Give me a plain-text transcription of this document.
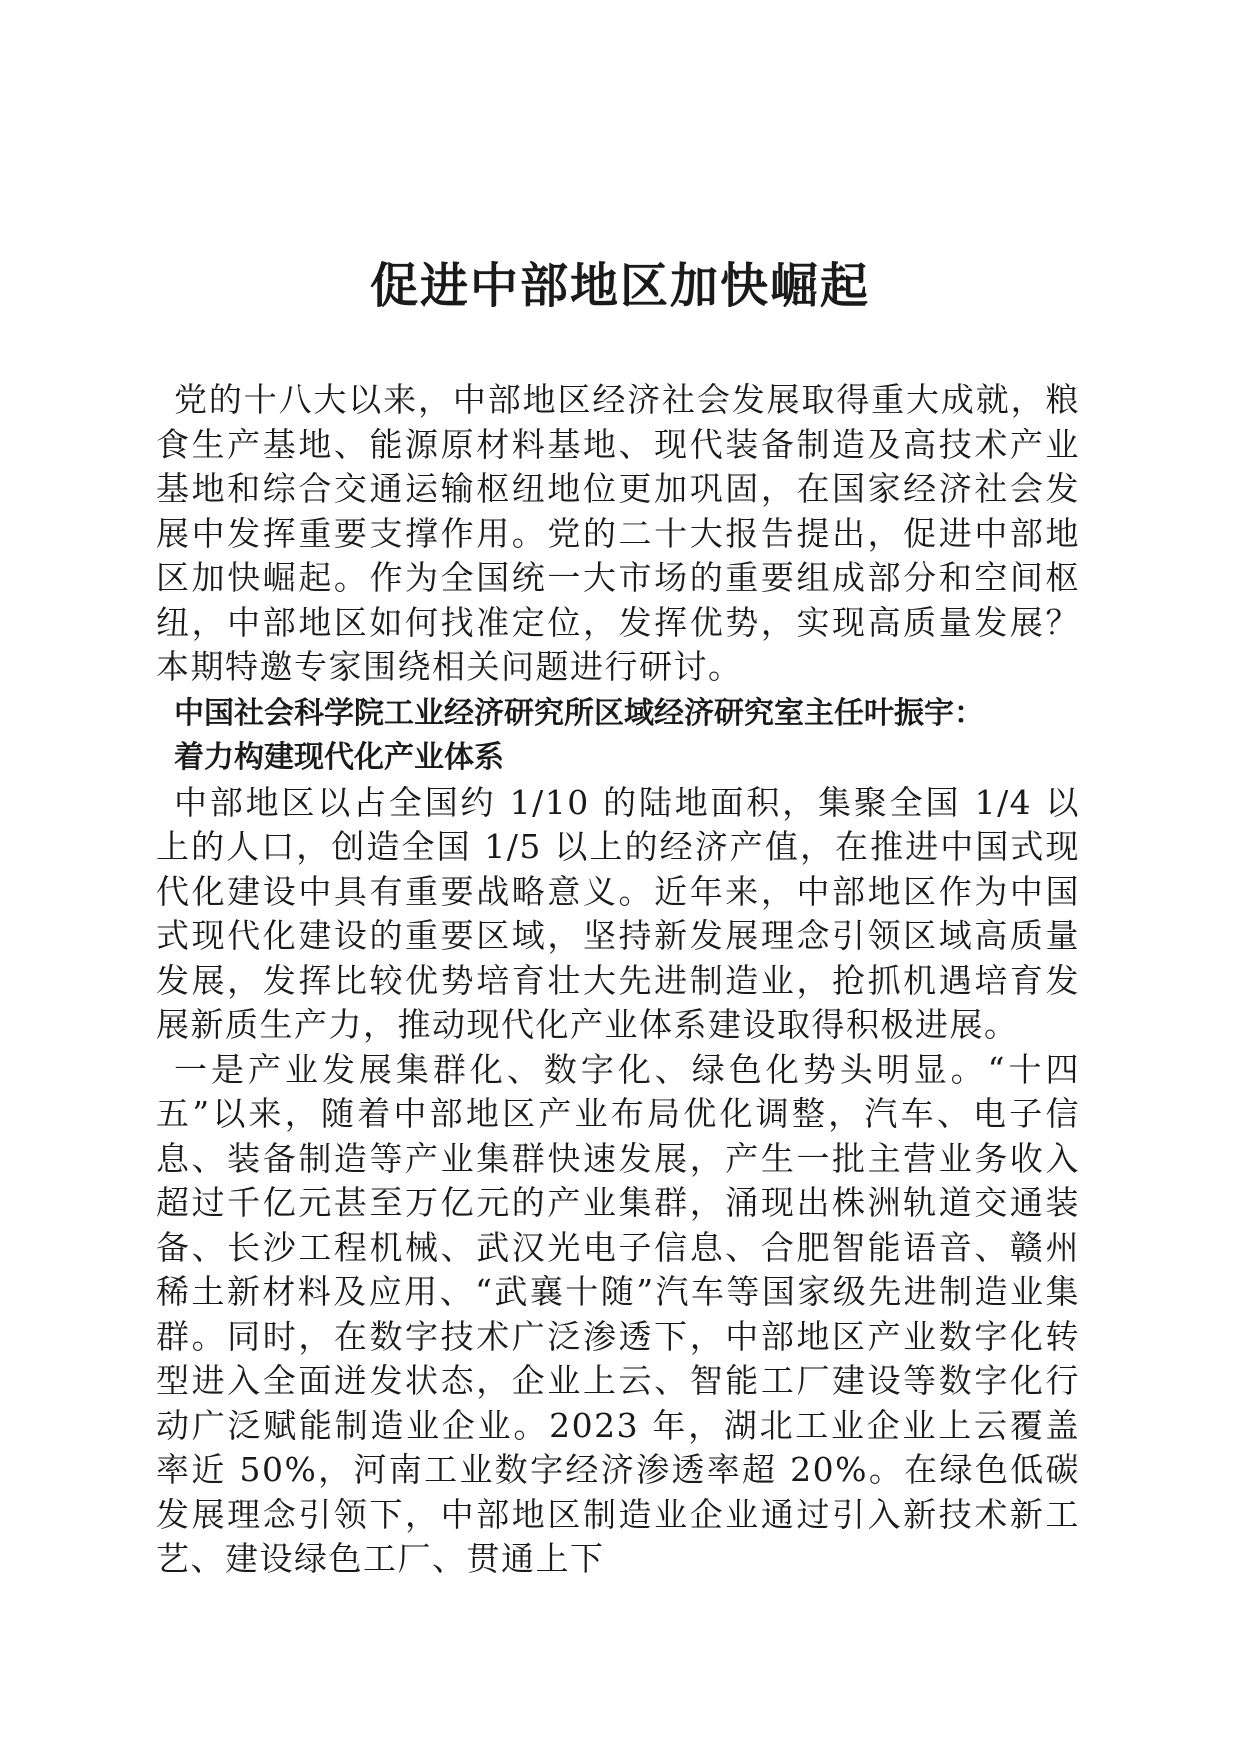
促进中部地区加快崛起

党的十八大以来，中部地区经济社会发展取得重大成就，粮食生产基地、能源原材料基地、现代装备制造及高技术产业基地和综合交通运输枢纽地位更加巩固，在国家经济社会发展中发挥重要支撑作用。党的二十大报告提出，促进中部地区加快崛起。作为全国统一大市场的重要组成部分和空间枢纽，中部地区如何找准定位，发挥优势，实现高质量发展？本期特邀专家围绕相关问题进行研讨。

中国社会科学院工业经济研究所区域经济研究室主任叶振宇：

着力构建现代化产业体系

中部地区以占全国约 1/10 的陆地面积，集聚全国 1/4 以上的人口，创造全国 1/5 以上的经济产值，在推进中国式现代化建设中具有重要战略意义。近年来，中部地区作为中国式现代化建设的重要区域，坚持新发展理念引领区域高质量发展，发挥比较优势培育壮大先进制造业，抢抓机遇培育发展新质生产力，推动现代化产业体系建设取得积极进展。

一是产业发展集群化、数字化、绿色化势头明显。“十四五”以来，随着中部地区产业布局优化调整，汽车、电子信息、装备制造等产业集群快速发展，产生一批主营业务收入超过千亿元甚至万亿元的产业集群，涌现出株洲轨道交通装备、长沙工程机械、武汉光电子信息、合肥智能语音、赣州稀土新材料及应用、“武襄十随”汽车等国家级先进制造业集群。同时，在数字技术广泛渗透下，中部地区产业数字化转型进入全面迸发状态，企业上云、智能工厂建设等数字化行动广泛赋能制造业企业。2023 年，湖北工业企业上云覆盖率近 50%，河南工业数字经济渗透率超 20%。在绿色低碳发展理念引领下，中部地区制造业企业通过引入新技术新工艺、建设绿色工厂、贯通上下
